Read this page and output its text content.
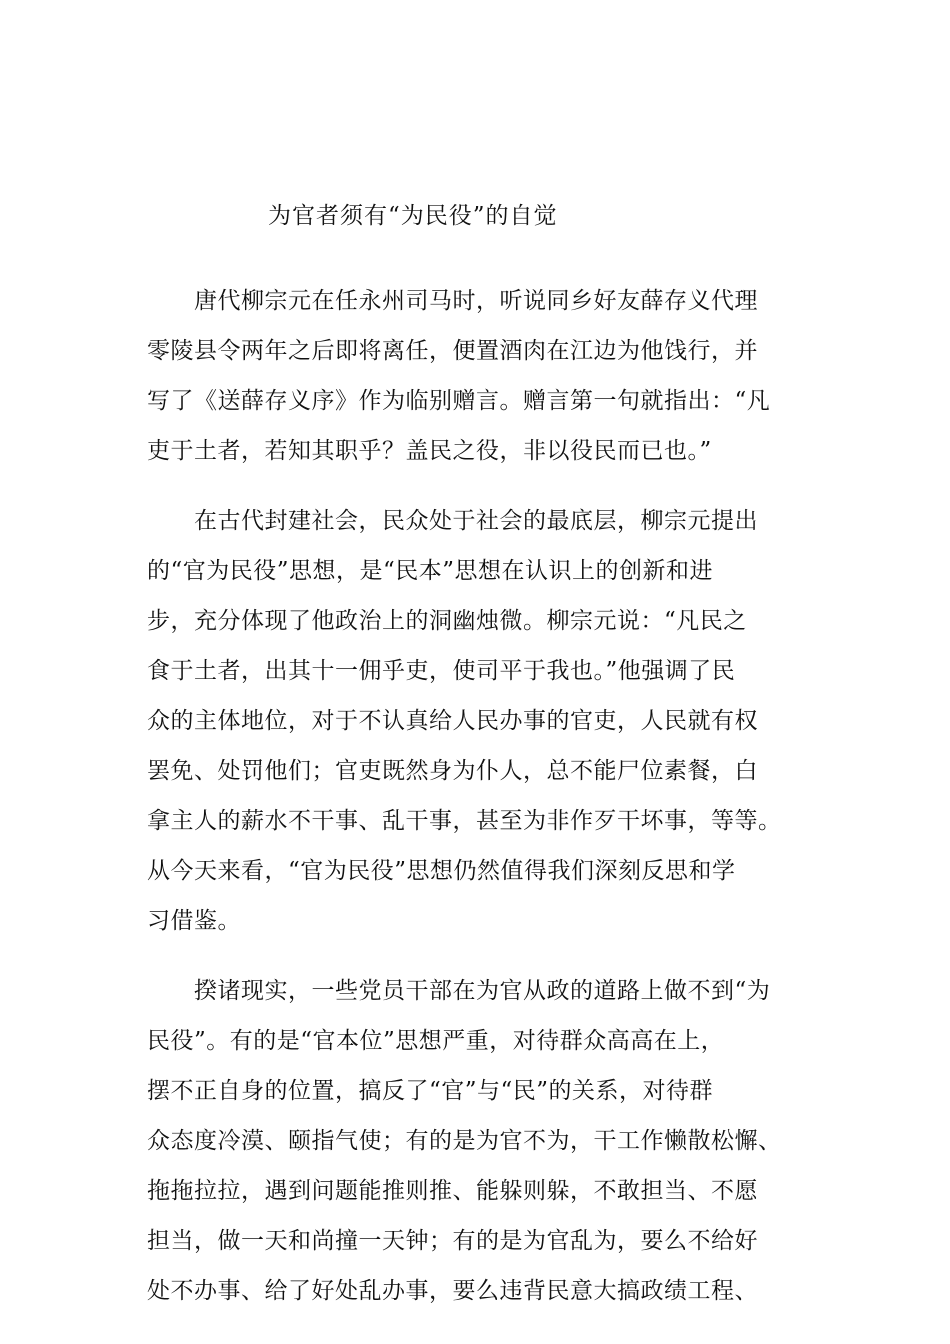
为官者须有“为民役”的自觉
　　唐代柳宗元在任永州司马时，听说同乡好友薛存义代理
零陵县令两年之后即将离任，便置酒肉在江边为他饯行，并
写了《送薛存义序》作为临别赠言。赠言第一句就指出：“凡
吏于土者，若知其职乎？盖民之役，非以役民而已也。”
　　在古代封建社会，民众处于社会的最底层，柳宗元提出
的“官为民役”思想，是“民本”思想在认识上的创新和进
步，充分体现了他政治上的洞幽烛微。柳宗元说：“凡民之
食于土者，出其十一佣乎吏，使司平于我也。”他强调了民
众的主体地位，对于不认真给人民办事的官吏，人民就有权
罢免、处罚他们；官吏既然身为仆人，总不能尸位素餐，白
拿主人的薪水不干事、乱干事，甚至为非作歹干坏事，等等。
从今天来看，“官为民役”思想仍然值得我们深刻反思和学
习借鉴。
　　揆诸现实，一些党员干部在为官从政的道路上做不到“为
民役”。有的是“官本位”思想严重，对待群众高高在上，
摆不正自身的位置，搞反了“官”与“民”的关系，对待群
众态度冷漠、颐指气使；有的是为官不为，干工作懒散松懈、
拖拖拉拉，遇到问题能推则推、能躲则躲，不敢担当、不愿
担当，做一天和尚撞一天钟；有的是为官乱为，要么不给好
处不办事、给了好处乱办事，要么违背民意大搞政绩工程、
